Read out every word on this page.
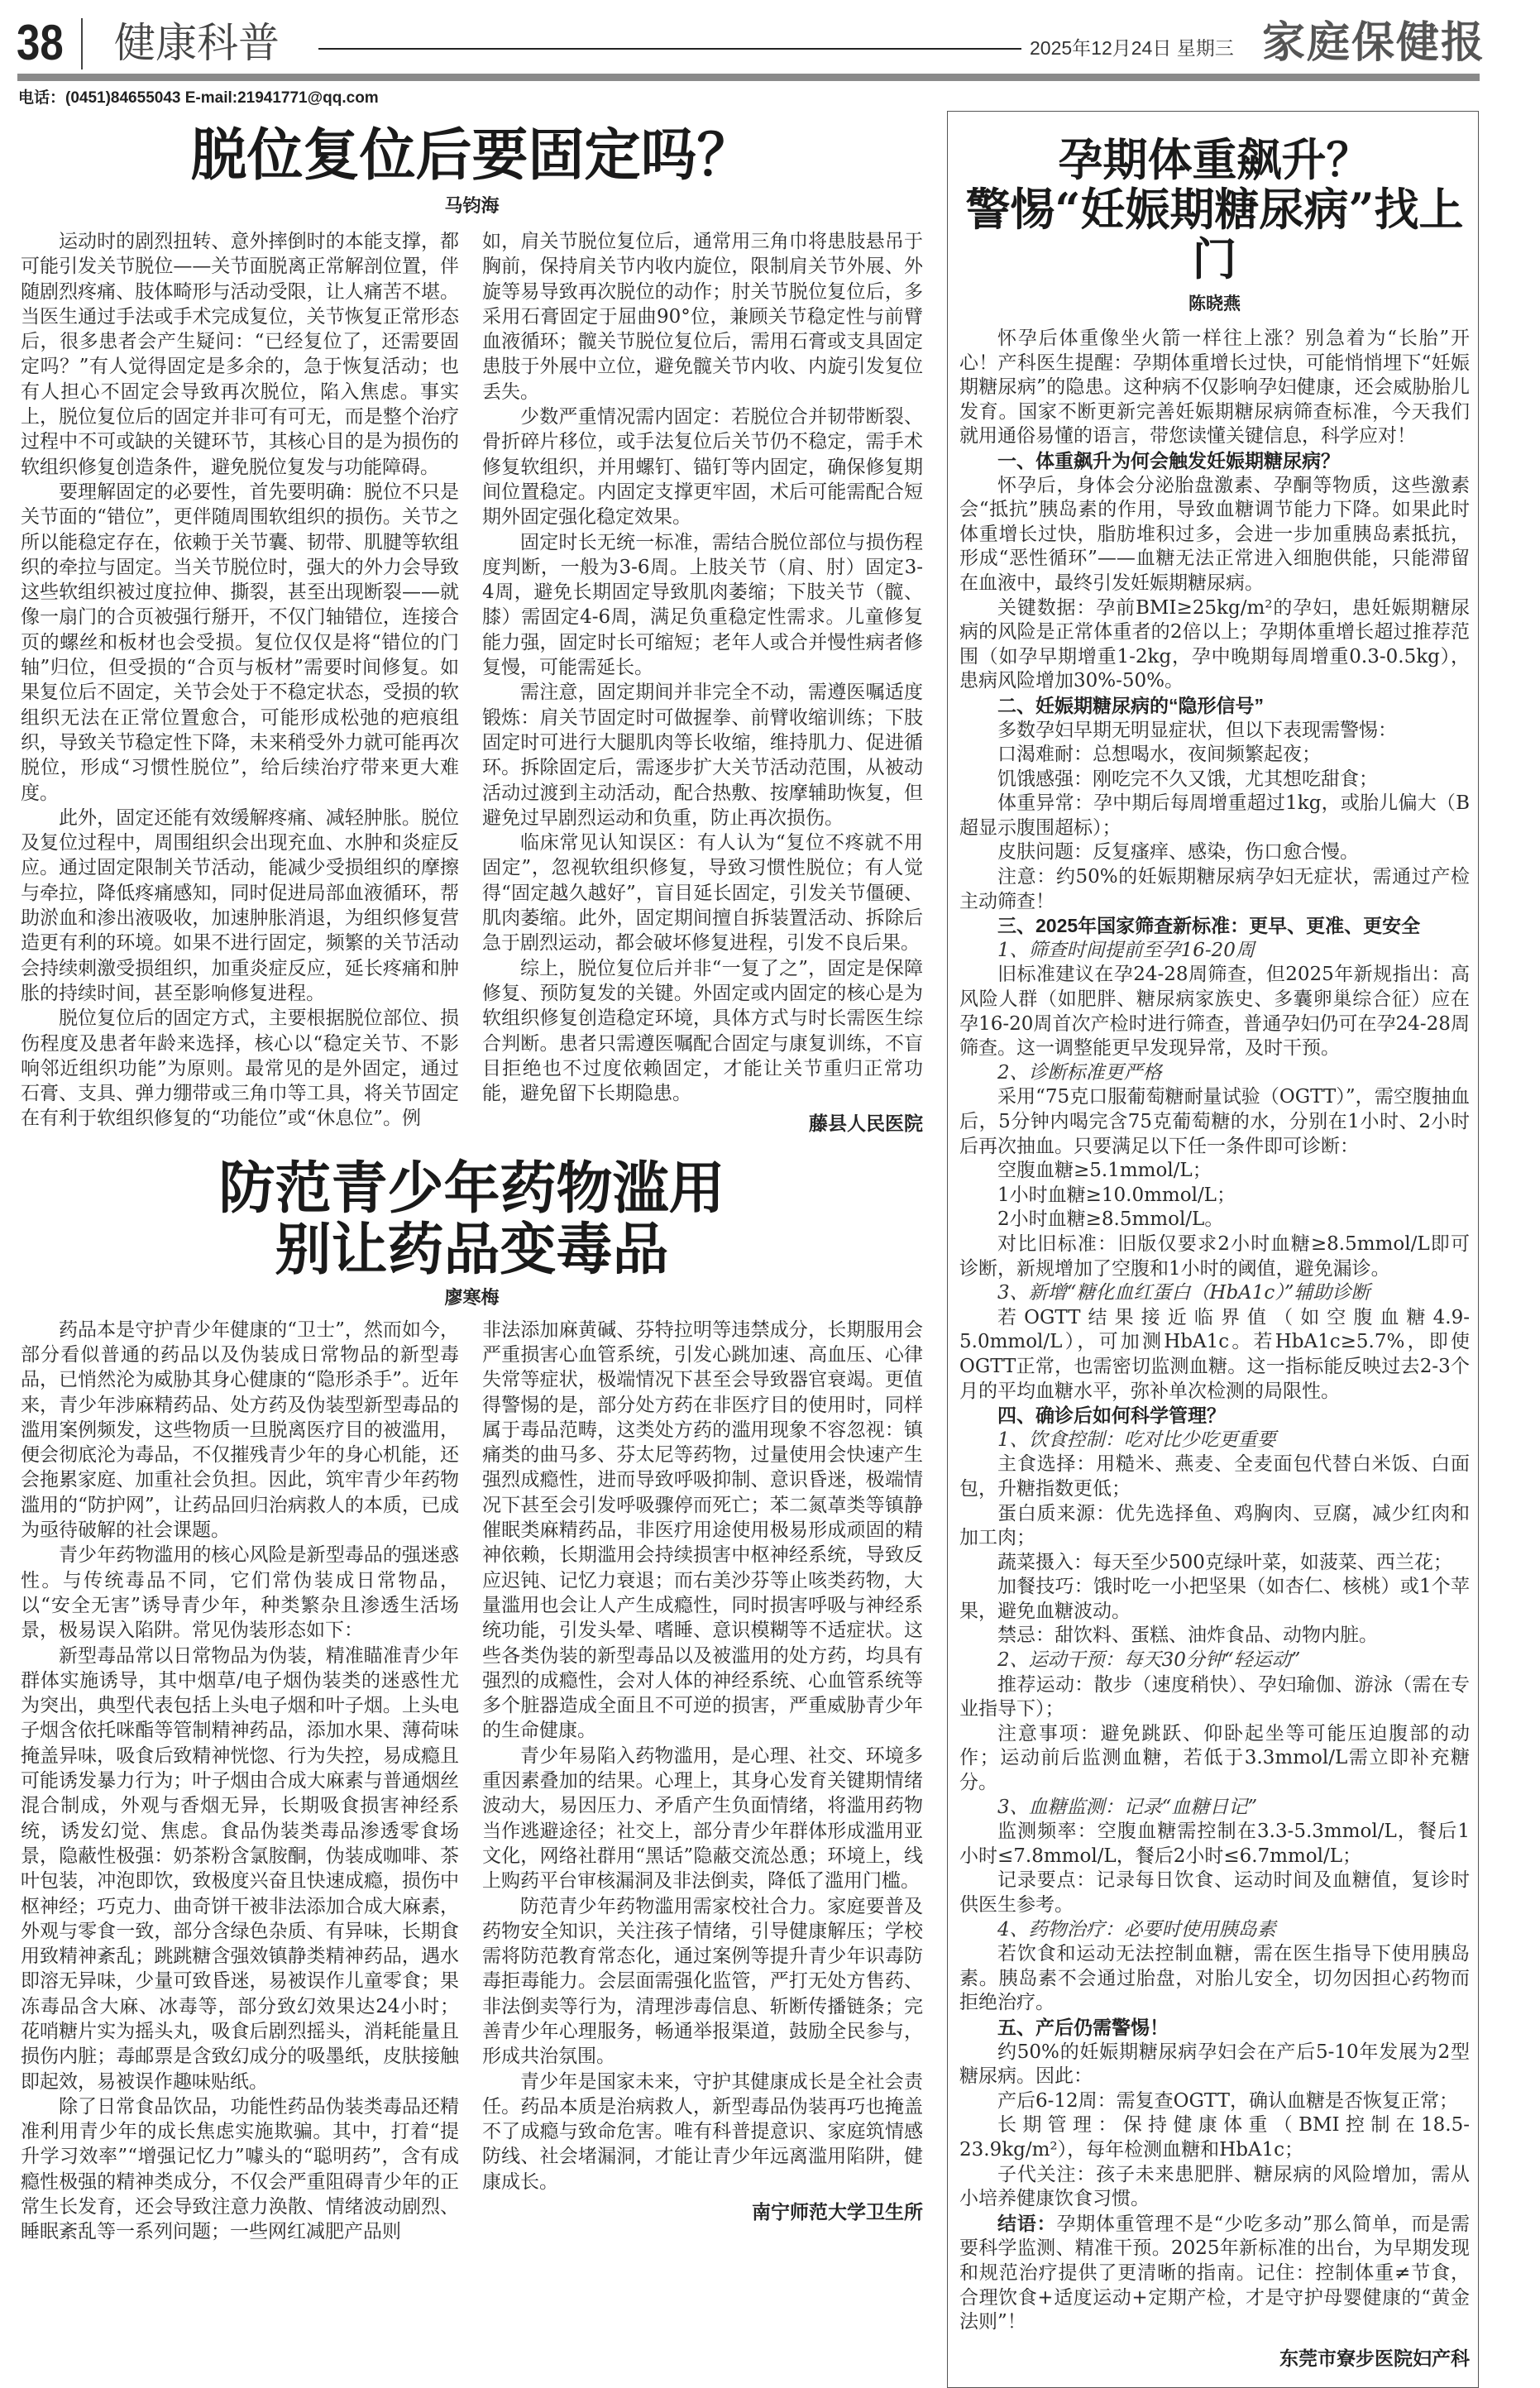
38 健康科普	2025年12月24日 星期三 家庭保健报
电话：(0451)84655043 E-mail:21941771@qq.com
脱位复位后要固定吗？
马钧海

运动时的剧烈扭转、意外摔倒时的本能支撑，都可能引发关节脱位——关节面脱离正常解剖位置，伴随剧烈疼痛、肢体畸形与活动受限，让人痛苦不堪。当医生通过手法或手术完成复位，关节恢复正常形态后，很多患者会产生疑问：“已经复位了，还需要固定吗？”有人觉得固定是多余的，急于恢复活动；也有人担心不固定会导致再次脱位，陷入焦虑。事实上，脱位复位后的固定并非可有可无，而是整个治疗过程中不可或缺的关键环节，其核心目的是为损伤的软组织修复创造条件，避免脱位复发与功能障碍。

要理解固定的必要性，首先要明确：脱位不只是关节面的“错位”，更伴随周围软组织的损伤。关节之所以能稳定存在，依赖于关节囊、韧带、肌腱等软组织的牵拉与固定。当关节脱位时，强大的外力会导致这些软组织被过度拉伸、撕裂，甚至出现断裂——就像一扇门的合页被强行掰开，不仅门轴错位，连接合页的螺丝和板材也会受损。复位仅仅是将“错位的门轴”归位，但受损的“合页与板材”需要时间修复。如果复位后不固定，关节会处于不稳定状态，受损的软组织无法在正常位置愈合，可能形成松弛的疤痕组织，导致关节稳定性下降，未来稍受外力就可能再次脱位，形成“习惯性脱位”，给后续治疗带来更大难度。

此外，固定还能有效缓解疼痛、减轻肿胀。脱位及复位过程中，周围组织会出现充血、水肿和炎症反应。通过固定限制关节活动，能减少受损组织的摩擦与牵拉，降低疼痛感知，同时促进局部血液循环，帮助淤血和渗出液吸收，加速肿胀消退，为组织修复营造更有利的环境。如果不进行固定，频繁的关节活动会持续刺激受损组织，加重炎症反应，延长疼痛和肿胀的持续时间，甚至影响修复进程。

脱位复位后的固定方式，主要根据脱位部位、损伤程度及患者年龄来选择，核心以“稳定关节、不影响邻近组织功能”为原则。最常见的是外固定，通过石膏、支具、弹力绷带或三角巾等工具，将关节固定在有利于软组织修复的“功能位”或“休息位”。例

如，肩关节脱位复位后，通常用三角巾将患肢悬吊于胸前，保持肩关节内收内旋位，限制肩关节外展、外旋等易导致再次脱位的动作；肘关节脱位复位后，多采用石膏固定于屈曲90°位，兼顾关节稳定性与前臂血液循环；髋关节脱位复位后，需用石膏或支具固定患肢于外展中立位，避免髋关节内收、内旋引发复位丢失。

少数严重情况需内固定：若脱位合并韧带断裂、骨折碎片移位，或手法复位后关节仍不稳定，需手术修复软组织，并用螺钉、锚钉等内固定，确保修复期间位置稳定。内固定支撑更牢固，术后可能需配合短期外固定强化稳定效果。

固定时长无统一标准，需结合脱位部位与损伤程度判断，一般为3-6周。上肢关节（肩、肘）固定3-4周，避免长期固定导致肌肉萎缩；下肢关节（髋、膝）需固定4-6周，满足负重稳定性需求。儿童修复能力强，固定时长可缩短；老年人或合并慢性病者修复慢，可能需延长。

需注意，固定期间并非完全不动，需遵医嘱适度锻炼：肩关节固定时可做握拳、前臂收缩训练；下肢固定时可进行大腿肌肉等长收缩，维持肌力、促进循环。拆除固定后，需逐步扩大关节活动范围，从被动活动过渡到主动活动，配合热敷、按摩辅助恢复，但避免过早剧烈运动和负重，防止再次损伤。

临床常见认知误区：有人认为“复位不疼就不用固定”，忽视软组织修复，导致习惯性脱位；有人觉得“固定越久越好”，盲目延长固定，引发关节僵硬、肌肉萎缩。此外，固定期间擅自拆装置活动、拆除后急于剧烈运动，都会破坏修复进程，引发不良后果。

综上，脱位复位后并非“一复了之”，固定是保障修复、预防复发的关键。外固定或内固定的核心是为软组织修复创造稳定环境，具体方式与时长需医生综合判断。患者只需遵医嘱配合固定与康复训练，不盲目拒绝也不过度依赖固定，才能让关节重归正常功能，避免留下长期隐患。

藤县人民医院
防范青少年药物滥用
别让药品变毒品
廖寒梅

药品本是守护青少年健康的“卫士”，然而如今，部分看似普通的药品以及伪装成日常物品的新型毒品，已悄然沦为威胁其身心健康的“隐形杀手”。近年来，青少年涉麻精药品、处方药及伪装型新型毒品的滥用案例频发，这些物质一旦脱离医疗目的被滥用，便会彻底沦为毒品，不仅摧残青少年的身心机能，还会拖累家庭、加重社会负担。因此，筑牢青少年药物滥用的“防护网”，让药品回归治病救人的本质，已成为亟待破解的社会课题。

青少年药物滥用的核心风险是新型毒品的强迷惑性。与传统毒品不同，它们常伪装成日常物品，以“安全无害”诱导青少年，种类繁杂且渗透生活场景，极易误入陷阱。常见伪装形态如下：

新型毒品常以日常物品为伪装，精准瞄准青少年群体实施诱导，其中烟草/电子烟伪装类的迷惑性尤为突出，典型代表包括上头电子烟和叶子烟。上头电子烟含依托咪酯等管制精神药品，添加水果、薄荷味掩盖异味，吸食后致精神恍惚、行为失控，易成瘾且可能诱发暴力行为；叶子烟由合成大麻素与普通烟丝混合制成，外观与香烟无异，长期吸食损害神经系统，诱发幻觉、焦虑。食品伪装类毒品渗透零食场景，隐蔽性极强：奶茶粉含氯胺酮，伪装成咖啡、茶叶包装，冲泡即饮，致极度兴奋且快速成瘾，损伤中枢神经；巧克力、曲奇饼干被非法添加合成大麻素，外观与零食一致，部分含绿色杂质、有异味，长期食用致精神紊乱；跳跳糖含强效镇静类精神药品，遇水即溶无异味，少量可致昏迷，易被误作儿童零食；果冻毒品含大麻、冰毒等，部分致幻效果达24小时；花哨糖片实为摇头丸，吸食后剧烈摇头，消耗能量且损伤内脏；毒邮票是含致幻成分的吸墨纸，皮肤接触即起效，易被误作趣味贴纸。

除了日常食品饮品，功能性药品伪装类毒品还精准利用青少年的成长焦虑实施欺骗。其中，打着“提升学习效率”“增强记忆力”噱头的“聪明药”，含有成瘾性极强的精神类成分，不仅会严重阻碍青少年的正常生长发育，还会导致注意力涣散、情绪波动剧烈、睡眠紊乱等一系列问题；一些网红减肥产品则

非法添加麻黄碱、芬特拉明等违禁成分，长期服用会严重损害心血管系统，引发心跳加速、高血压、心律失常等症状，极端情况下甚至会导致器官衰竭。更值得警惕的是，部分处方药在非医疗目的使用时，同样属于毒品范畴，这类处方药的滥用现象不容忽视：镇痛类的曲马多、芬太尼等药物，过量使用会快速产生强烈成瘾性，进而导致呼吸抑制、意识昏迷，极端情况下甚至会引发呼吸骤停而死亡；苯二氮䓬类等镇静催眠类麻精药品，非医疗用途使用极易形成顽固的精神依赖，长期滥用会持续损害中枢神经系统，导致反应迟钝、记忆力衰退；而右美沙芬等止咳类药物，大量滥用也会让人产生成瘾性，同时损害呼吸与神经系统功能，引发头晕、嗜睡、意识模糊等不适症状。这些各类伪装的新型毒品以及被滥用的处方药，均具有强烈的成瘾性，会对人体的神经系统、心血管系统等多个脏器造成全面且不可逆的损害，严重威胁青少年的生命健康。

青少年易陷入药物滥用，是心理、社交、环境多重因素叠加的结果。心理上，其身心发育关键期情绪波动大，易因压力、矛盾产生负面情绪，将滥用药物当作逃避途径；社交上，部分青少年群体形成滥用亚文化，网络社群用“黑话”隐蔽交流怂恿；环境上，线上购药平台审核漏洞及非法倒卖，降低了滥用门槛。

防范青少年药物滥用需家校社合力。家庭要普及药物安全知识，关注孩子情绪，引导健康解压；学校需将防范教育常态化，通过案例等提升青少年识毒防毒拒毒能力。会层面需强化监管，严打无处方售药、非法倒卖等行为，清理涉毒信息、斩断传播链条；完善青少年心理服务，畅通举报渠道，鼓励全民参与，形成共治氛围。

青少年是国家未来，守护其健康成长是全社会责任。药品本质是治病救人，新型毒品伪装再巧也掩盖不了成瘾与致命危害。唯有科普提意识、家庭筑情感防线、社会堵漏洞，才能让青少年远离滥用陷阱，健康成长。

南宁师范大学卫生所
孕期体重飙升？
警惕“妊娠期糖尿病”找上门
陈晓燕

怀孕后体重像坐火箭一样往上涨？别急着为“长胎”开心！产科医生提醒：孕期体重增长过快，可能悄悄埋下“妊娠期糖尿病”的隐患。这种病不仅影响孕妇健康，还会威胁胎儿发育。国家不断更新完善妊娠期糖尿病筛查标准，今天我们就用通俗易懂的语言，带您读懂关键信息，科学应对！

一、体重飙升为何会触发妊娠期糖尿病？

怀孕后，身体会分泌胎盘激素、孕酮等物质，这些激素会“抵抗”胰岛素的作用，导致血糖调节能力下降。如果此时体重增长过快，脂肪堆积过多，会进一步加重胰岛素抵抗，形成“恶性循环”——血糖无法正常进入细胞供能，只能滞留在血液中，最终引发妊娠期糖尿病。

关键数据：孕前BMI≥25kg/m²的孕妇，患妊娠期糖尿病的风险是正常体重者的2倍以上；孕期体重增长超过推荐范围（如孕早期增重1-2kg，孕中晚期每周增重0.3-0.5kg），患病风险增加30%-50%。

二、妊娠期糖尿病的“隐形信号”

多数孕妇早期无明显症状，但以下表现需警惕：

口渴难耐：总想喝水，夜间频繁起夜；

饥饿感强：刚吃完不久又饿，尤其想吃甜食；

体重异常：孕中期后每周增重超过1kg，或胎儿偏大（B超显示腹围超标）；

皮肤问题：反复瘙痒、感染，伤口愈合慢。

注意：约50%的妊娠期糖尿病孕妇无症状，需通过产检主动筛查！

三、2025年国家筛查新标准：更早、更准、更安全

1、筛查时间提前至孕16-20周

旧标准建议在孕24-28周筛查，但2025年新规指出：高风险人群（如肥胖、糖尿病家族史、多囊卵巢综合征）应在孕16-20周首次产检时进行筛查，普通孕妇仍可在孕24-28周筛查。这一调整能更早发现异常，及时干预。

2、诊断标准更严格

采用“75克口服葡萄糖耐量试验（OGTT）”，需空腹抽血后，5分钟内喝完含75克葡萄糖的水，分别在1小时、2小时后再次抽血。只要满足以下任一条件即可诊断：

空腹血糖≥5.1mmol/L；

1小时血糖≥10.0mmol/L；

2小时血糖≥8.5mmol/L。

对比旧标准：旧版仅要求2小时血糖≥8.5mmol/L即可诊断，新规增加了空腹和1小时的阈值，避免漏诊。

3、新增“糖化血红蛋白（HbA1c）”辅助诊断

若OGTT结果接近临界值（如空腹血糖4.9-5.0mmol/L），可加测HbA1c。若HbA1c≥5.7%，即使OGTT正常，也需密切监测血糖。这一指标能反映过去2-3个月的平均血糖水平，弥补单次检测的局限性。

四、确诊后如何科学管理？

1、饮食控制：吃对比少吃更重要

主食选择：用糙米、燕麦、全麦面包代替白米饭、白面包，升糖指数更低；

蛋白质来源：优先选择鱼、鸡胸肉、豆腐，减少红肉和加工肉；

蔬菜摄入：每天至少500克绿叶菜，如菠菜、西兰花；

加餐技巧：饿时吃一小把坚果（如杏仁、核桃）或1个苹果，避免血糖波动。

禁忌：甜饮料、蛋糕、油炸食品、动物内脏。

2、运动干预：每天30分钟“轻运动”

推荐运动：散步（速度稍快）、孕妇瑜伽、游泳（需在专业指导下）；

注意事项：避免跳跃、仰卧起坐等可能压迫腹部的动作；运动前后监测血糖，若低于3.3mmol/L需立即补充糖分。

3、血糖监测：记录“血糖日记”

监测频率：空腹血糖需控制在3.3-5.3mmol/L，餐后1小时≤7.8mmol/L，餐后2小时≤6.7mmol/L；

记录要点：记录每日饮食、运动时间及血糖值，复诊时供医生参考。

4、药物治疗：必要时使用胰岛素

若饮食和运动无法控制血糖，需在医生指导下使用胰岛素。胰岛素不会通过胎盘，对胎儿安全，切勿因担心药物而拒绝治疗。

五、产后仍需警惕！

约50%的妊娠期糖尿病孕妇会在产后5-10年发展为2型糖尿病。因此：

产后6-12周：需复查OGTT，确认血糖是否恢复正常；

长期管理：保持健康体重（BMI控制在18.5-23.9kg/m²），每年检测血糖和HbA1c；

子代关注：孩子未来患肥胖、糖尿病的风险增加，需从小培养健康饮食习惯。

结语：孕期体重管理不是“少吃多动”那么简单，而是需要科学监测、精准干预。2025年新标准的出台，为早期发现和规范治疗提供了更清晰的指南。记住：控制体重≠节食，合理饮食+适度运动+定期产检，才是守护母婴健康的“黄金法则”！

东莞市寮步医院妇产科
